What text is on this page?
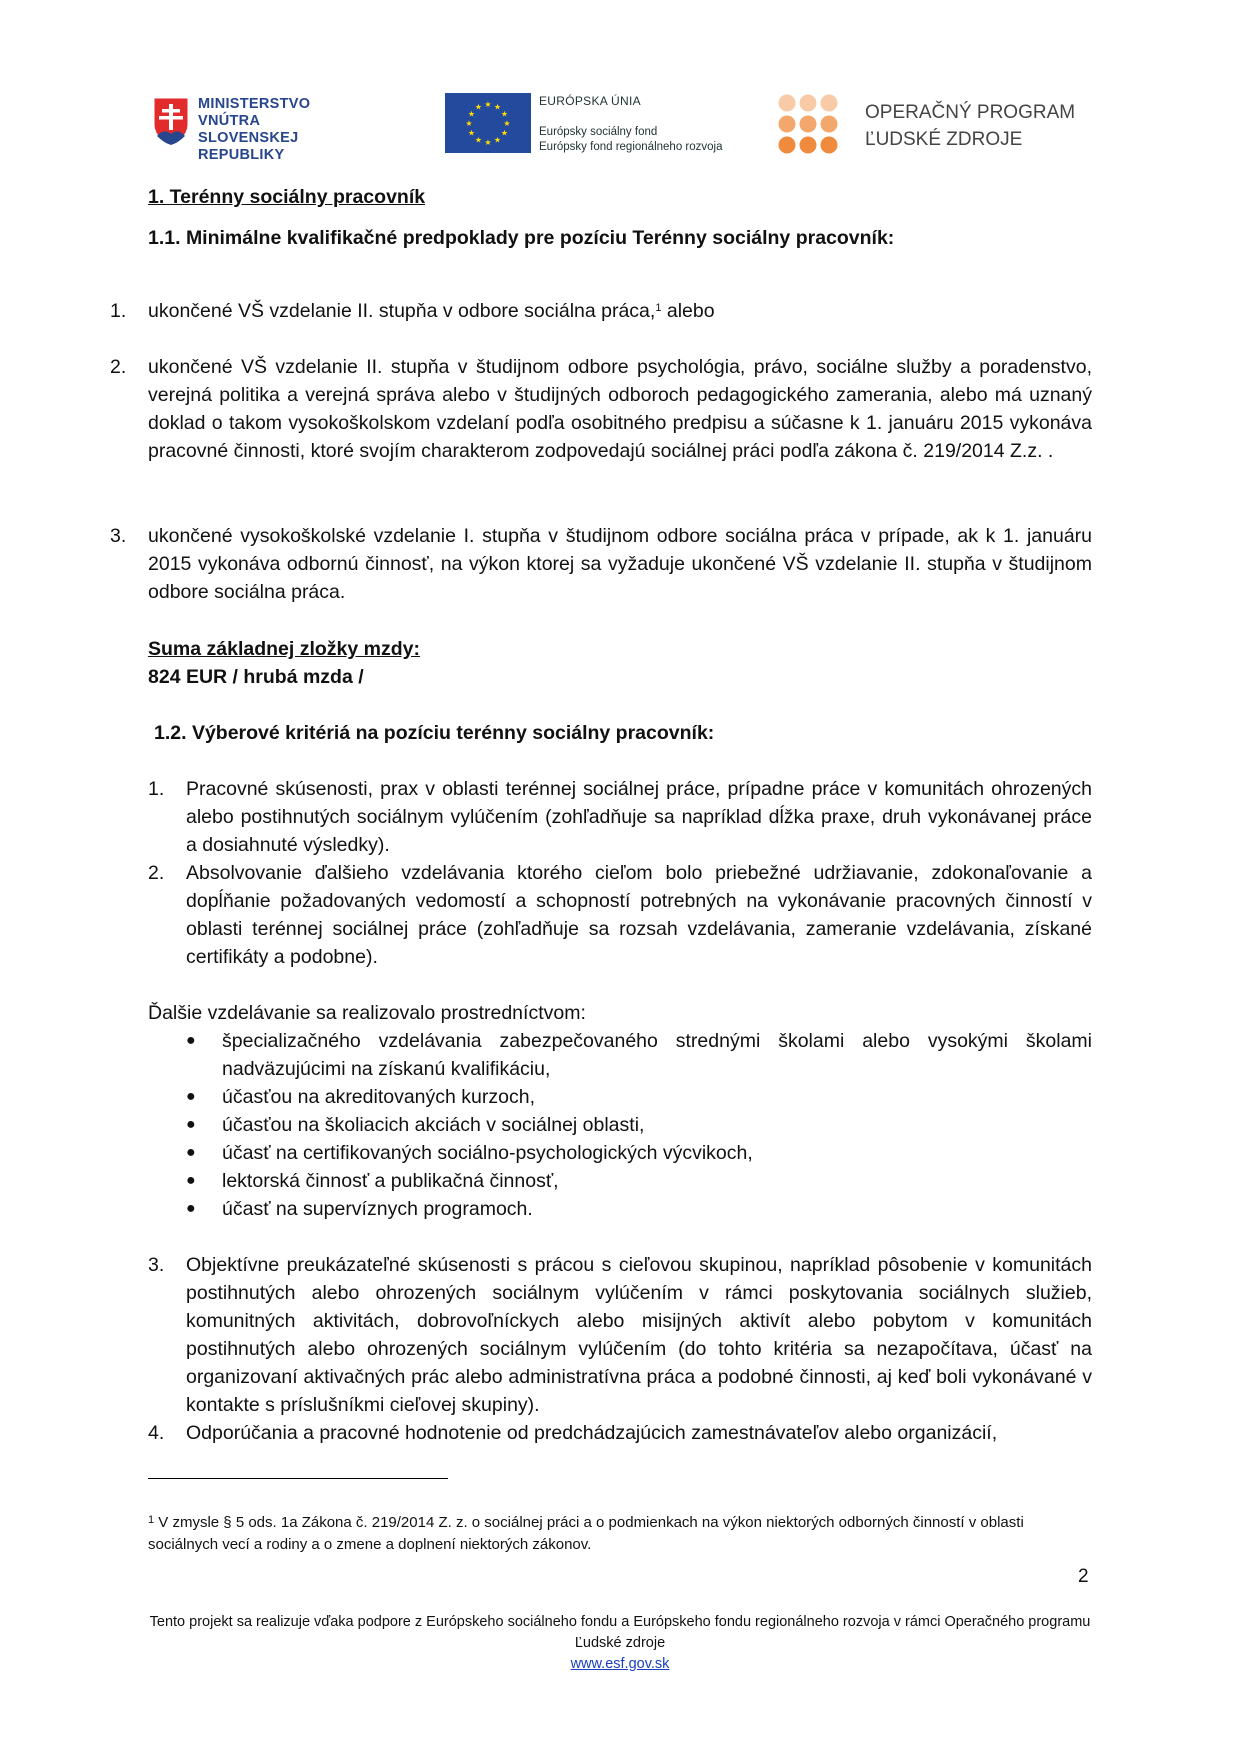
MINISTERSTVO
VNÚTRA
SLOVENSKEJ REPUBLIKY
★ ★
★
★
★
★
★
★
★
★
★
★	EURÓPSKA ÚNIA
Európsky sociálny fond
Európsky fond regionálneho rozvoja
OPERAČNÝ PROGRAM
ĽUDSKÉ ZDROJE
1. Terénny sociálny pracovník
1.1. Minimálne kvalifikačné predpoklady pre pozíciu Terénny sociálny pracovník:
1. ukončené VŠ vzdelanie II. stupňa v odbore sociálna práca,$^1$ alebo
2. ukončené VŠ vzdelanie II. stupňa v študijnom odbore psychológia, právo, sociálne služby a poradenstvo, verejná politika a verejná správa alebo v študijných odboroch pedagogického zamerania, alebo má uznaný doklad o takom vysokoškolskom vzdelaní podľa osobitného predpisu a súčasne k 1. januáru 2015 vykonáva pracovné činnosti, ktoré svojím charakterom zodpovedajú sociálnej práci podľa zákona č. 219/2014 Z.z. .

3. ukončené vysokoškolské vzdelanie I. stupňa v študijnom odbore sociálna práca v prípade, ak k 1. januáru 2015 vykonáva odbornú činnosť, na výkon ktorej sa vyžaduje ukončené VŠ vzdelanie II. stupňa v študijnom odbore sociálna práca.

Suma základnej zložky mzdy:
824 EUR / hrubá mzda /
1.2. Výberové kritériá na pozíciu terénny sociálny pracovník:
1. Pracovné skúsenosti, prax v oblasti terénnej sociálnej práce, prípadne práce v komunitách ohrozených alebo postihnutých sociálnym vylúčením (zohľadňuje sa napríklad dĺžka praxe, druh vykonávanej práce a dosiahnuté výsledky).

2. Absolvovanie ďalšieho vzdelávania ktorého cieľom bolo priebežné udržiavanie, zdokonaľovanie a dopĺňanie požadovaných vedomostí a schopností potrebných na vykonávanie pracovných činností v oblasti terénnej sociálnej práce (zohľadňuje sa rozsah vzdelávania, zameranie vzdelávania, získané certifikáty a podobne).

Ďalšie vzdelávanie sa realizovalo prostredníctvom:
● špecializačného vzdelávania zabezpečovaného strednými školami alebo vysokými školami nadväzujúcimi na získanú kvalifikáciu,

● účasťou na akreditovaných kurzoch,

● účasťou na školiacich akciách v sociálnej oblasti,

● účasť na certifikovaných sociálno-psychologických výcvikoch,

● lektorská činnosť a publikačná činnosť,

● účasť na supervíznych programoch.

3. Objektívne preukázateľné skúsenosti s prácou s cieľovou skupinou, napríklad pôsobenie v komunitách postihnutých alebo ohrozených sociálnym vylúčením v rámci poskytovania sociálnych služieb, komunitných aktivitách, dobrovoľníckych alebo misijných aktivít alebo pobytom v komunitách postihnutých alebo ohrozených sociálnym vylúčením (do tohto kritéria sa nezapočítava, účasť na organizovaní aktivačných prác alebo administratívna práca a podobné činnosti, aj keď boli vykonávané v kontakte s príslušníkmi cieľovej skupiny).

4. Odporúčania a pracovné hodnotenie od predchádzajúcich zamestnávateľov alebo organizácií,

$^1$ V zmysle § 5 ods. 1a Zákona č. 219/2014 Z. z. o sociálnej práci a o podmienkach na výkon niektorých odborných činností v oblasti sociálnych vecí a rodiny a o zmene a doplnení niektorých zákonov.
2
Tento projekt sa realizuje vďaka podpore z Európskeho sociálneho fondu a Európskeho fondu regionálneho rozvoja v rámci Operačného programu Ľudské zdroje
www.esf.gov.sk
